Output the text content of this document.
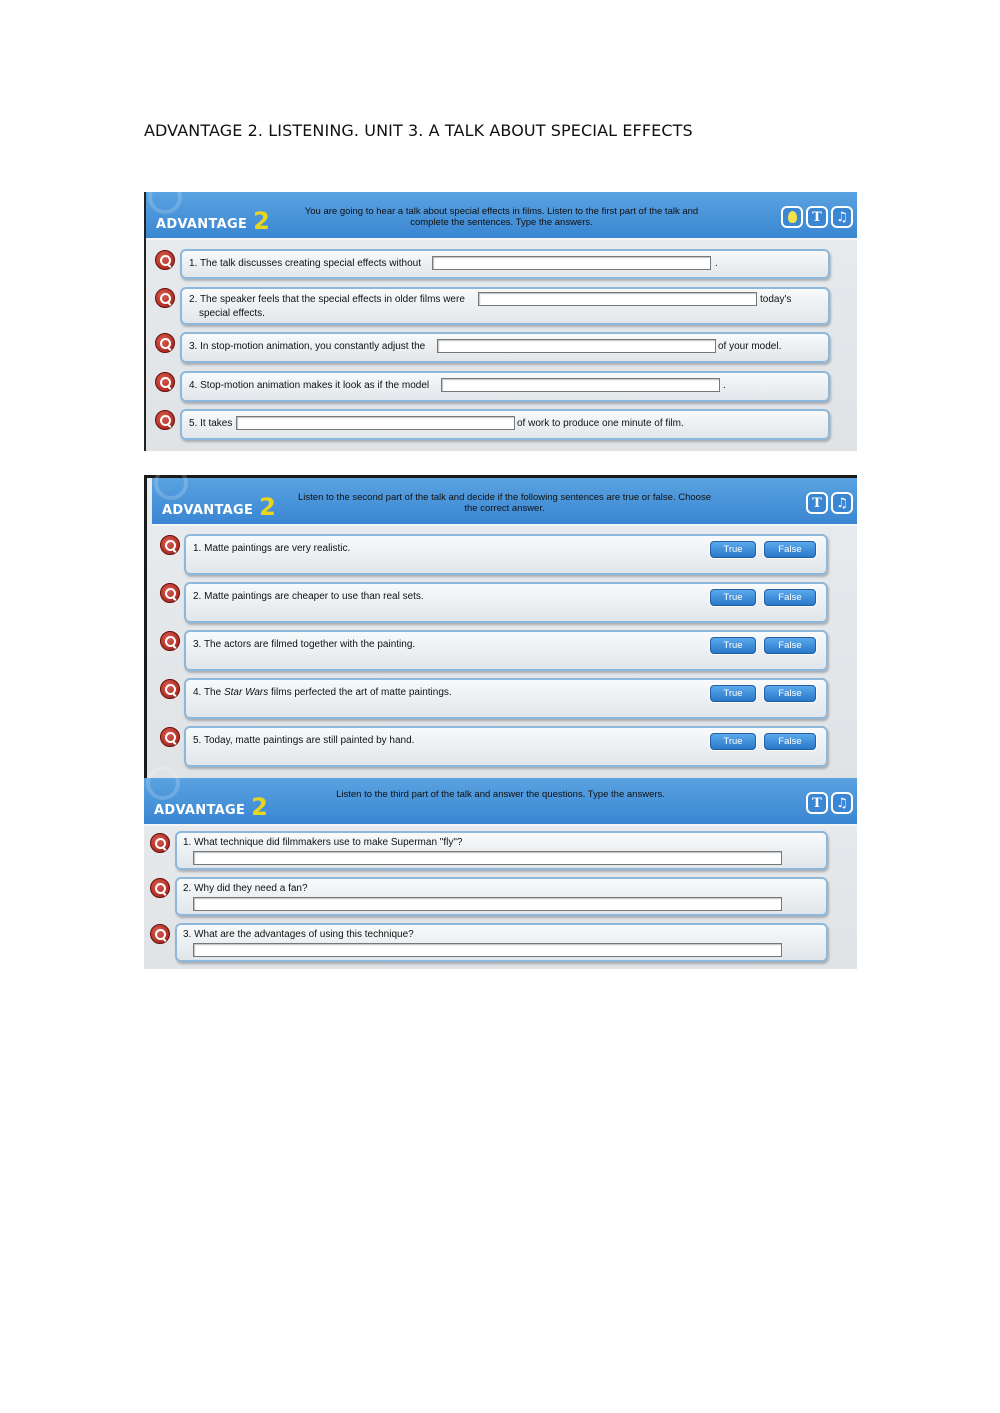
ADVANTAGE 2. LISTENING. UNIT 3. A TALK ABOUT SPECIAL EFFECTS
ADVANTAGE 2	You are going to hear a talk about special effects in films. Listen to the first part of the talk and complete the sentences. Type the answers.	T ♫
1. The talk discusses creating special effects without	.
2. The speaker feels that the special effects in older films were	today's
special effects.
3. In stop-motion animation, you constantly adjust the	of your model.
4. Stop-motion animation makes it look as if the model	.
5. It takes	of work to produce one minute of film.
ADVANTAGE 2	Listen to the second part of the talk and decide if the following sentences are true or false. Choose the correct answer.	T ♫
1. Matte paintings are very realistic.	True	False
2. Matte paintings are cheaper to use than real sets.	True	False
3. The actors are filmed together with the painting.	True	False
4. The Star Wars films perfected the art of matte paintings.	True	False
5. Today, matte paintings are still painted by hand.	True	False
ADVANTAGE 2	Listen to the third part of the talk and answer the questions. Type the answers.
T ♫
1. What technique did filmmakers use to make Superman "fly"?
2. Why did they need a fan?
3. What are the advantages of using this technique?
